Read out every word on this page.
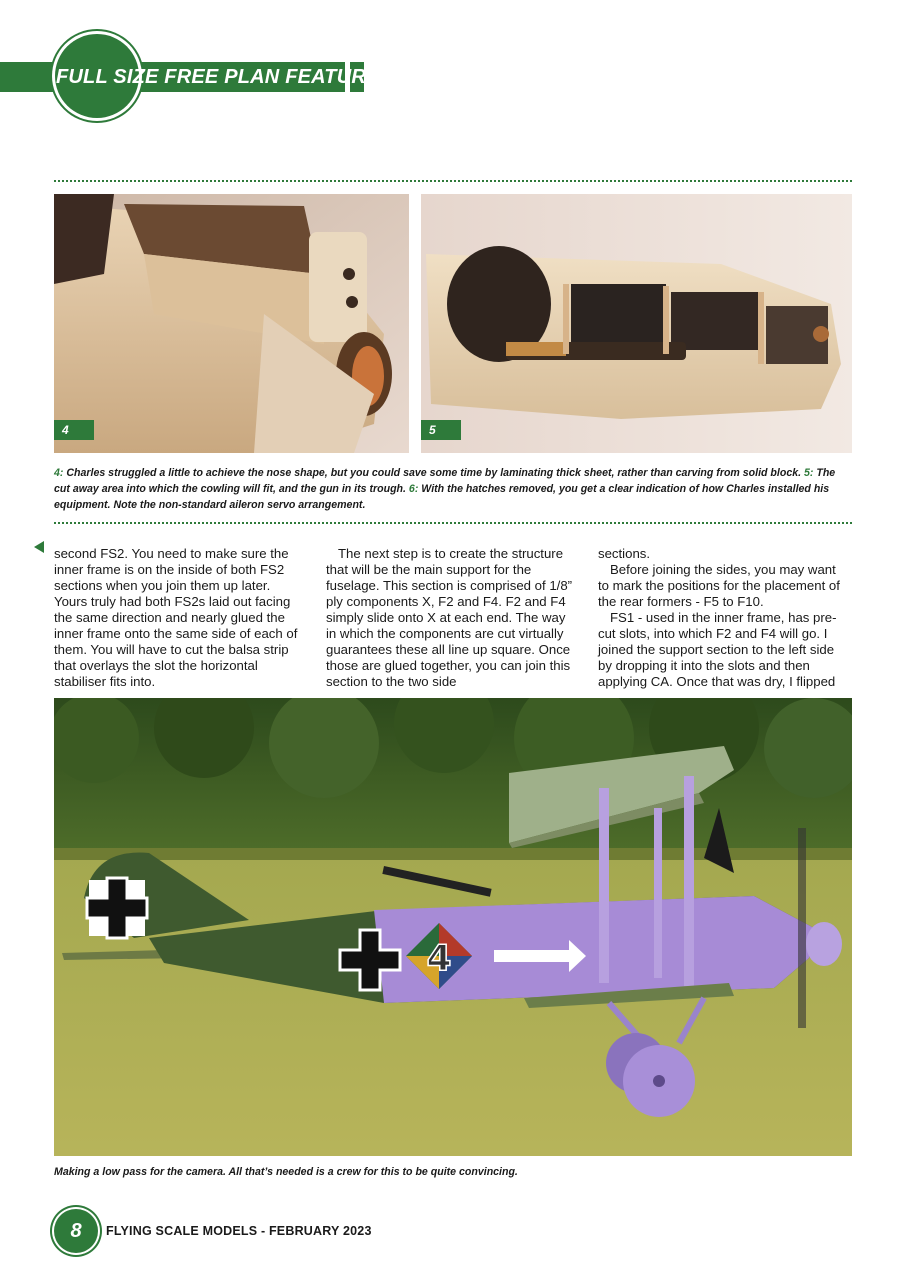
FULL SIZE FREE PLAN FEATURE
4	5
4: Charles struggled a little to achieve the nose shape, but you could save some time by laminating thick sheet, rather than carving from solid block. 5: The cut away area into which the cowling will fit, and the gun in its trough. 6: With the hatches removed, you get a clear indication of how Charles installed his equipment. Note the non-standard aileron servo arrangement.

second FS2. You need to make sure the inner frame is on the inside of both FS2 sections when you join them up later. Yours truly had both FS2s laid out facing the same direction and nearly glued the inner frame onto the same side of each of them. You will have to cut the balsa strip that overlays the slot the horizontal stabiliser fits into.

The next step is to create the structure that will be the main support for the fuselage. This section is comprised of 1/8” ply components X, F2 and F4. F2 and F4 simply slide onto X at each end. The way in which the components are cut virtually guarantees these all line up square. Once those are glued together, you can join this section to the two side

sections.

Before joining the sides, you may want to mark the positions for the placement of the rear formers - F5 to F10.

FS1 - used in the inner frame, has pre-cut slots, into which F2 and F4 will go. I joined the support section to the left side by dropping it into the slots and then applying CA. Once that was dry, I flipped

4
Making a low pass for the camera. All that’s needed is a crew for this to be quite convincing.
8	FLYING SCALE MODELS - FEBRUARY 2023
